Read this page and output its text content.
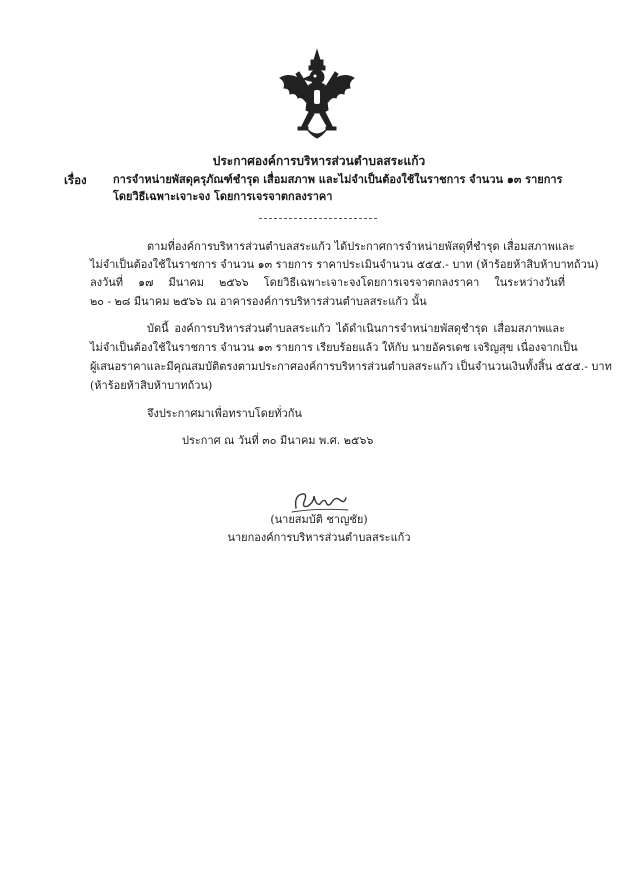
ประกาศองค์การบริหารส่วนตำบลสระแก้ว
เรื่อง การจำหน่ายพัสดุครุภัณฑ์ชำรุด เสื่อมสภาพ และไม่จำเป็นต้องใช้ในราชการ จำนวน ๑๓ รายการ
โดยวิธีเฉพาะเจาะจง โดยการเจรจาตกลงราคา
ตามที่องค์การบริหารส่วนตำบลสระแก้ว ได้ประกาศการจำหน่ายพัสดุที่ชำรุด เสื่อมสภาพและ
ไม่จำเป็นต้องใช้ในราชการ จำนวน ๑๓ รายการ ราคาประเมินจำนวน ๕๕๕.- บาท (ห้าร้อยห้าสิบห้าบาทถ้วน)
ลงวันที่ ๑๗ มีนาคม ๒๕๖๖ โดยวิธีเฉพาะเจาะจงโดยการเจรจาตกลงราคา ในระหว่างวันที่
๒๐ - ๒๘ มีนาคม ๒๕๖๖ ณ อาคารองค์การบริหารส่วนตำบลสระแก้ว นั้น
บัดนี้ องค์การบริหารส่วนตำบลสระแก้ว ได้ดำเนินการจำหน่ายพัสดุชำรุด เสื่อมสภาพและ
ไม่จำเป็นต้องใช้ในราชการ จำนวน ๑๓ รายการ เรียบร้อยแล้ว ให้กับ นายอัครเดช เจริญสุข เนื่องจากเป็น
ผู้เสนอราคาและมีคุณสมบัติตรงตามประกาศองค์การบริหารส่วนตำบลสระแก้ว เป็นจำนวนเงินทั้งสิ้น ๕๕๕.- บาท
(ห้าร้อยห้าสิบห้าบาทถ้วน)
จึงประกาศมาเพื่อทราบโดยทั่วกัน
ประกาศ ณ วันที่ ๓๐ มีนาคม พ.ศ. ๒๕๖๖
(นายสมบัติ ชาญชัย)
นายกองค์การบริหารส่วนตำบลสระแก้ว
